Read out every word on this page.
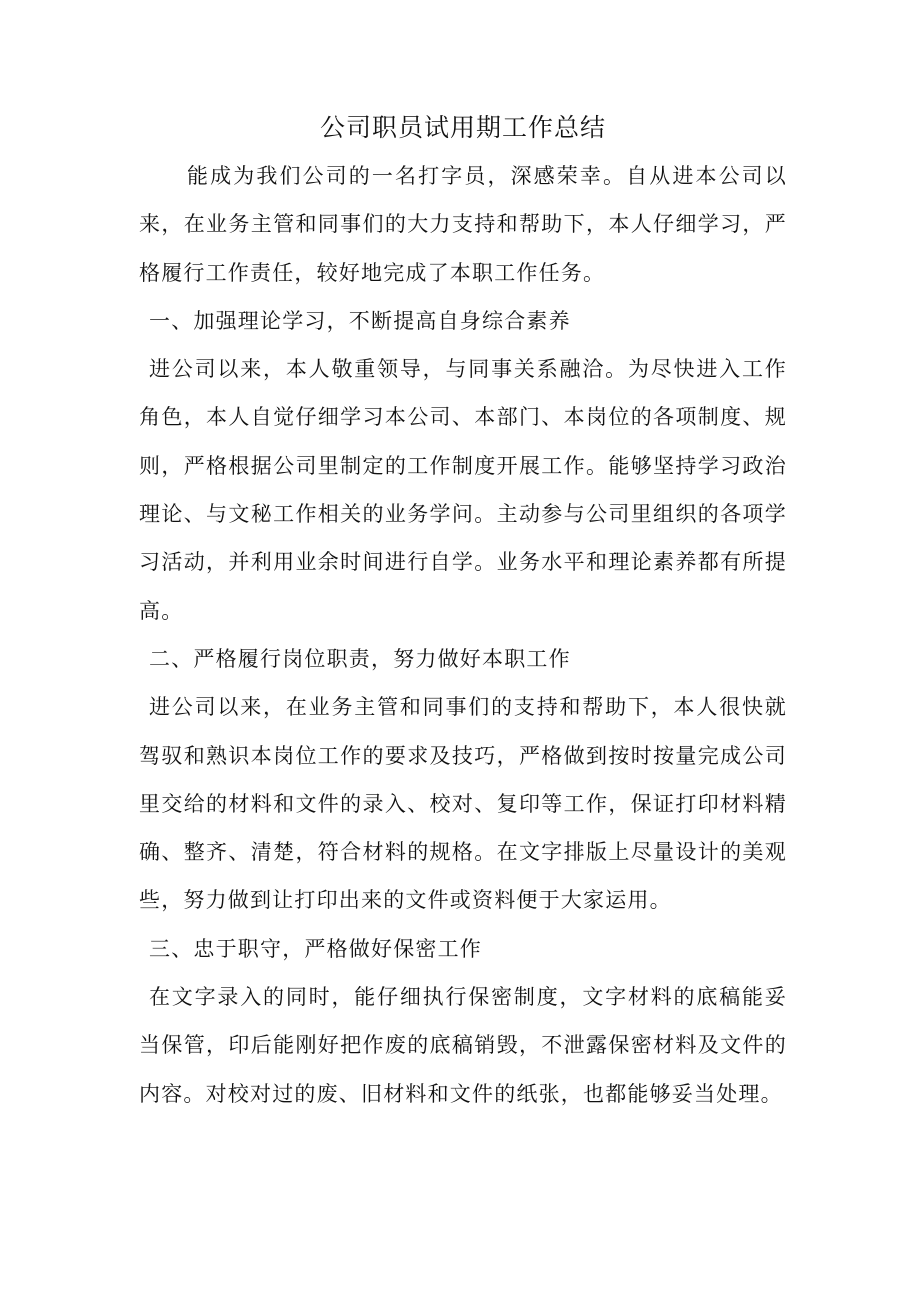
公司职员试用期工作总结

能成为我们公司的一名打字员，深感荣幸。自从进本公司以来，在业务主管和同事们的大力支持和帮助下，本人仔细学习，严格履行工作责任，较好地完成了本职工作任务。

一、加强理论学习，不断提高自身综合素养

进公司以来，本人敬重领导，与同事关系融洽。为尽快进入工作角色，本人自觉仔细学习本公司、本部门、本岗位的各项制度、规则，严格根据公司里制定的工作制度开展工作。能够坚持学习政治理论、与文秘工作相关的业务学问。主动参与公司里组织的各项学习活动，并利用业余时间进行自学。业务水平和理论素养都有所提高。

二、严格履行岗位职责，努力做好本职工作

进公司以来，在业务主管和同事们的支持和帮助下，本人很快就驾驭和熟识本岗位工作的要求及技巧，严格做到按时按量完成公司里交给的材料和文件的录入、校对、复印等工作，保证打印材料精确、整齐、清楚，符合材料的规格。在文字排版上尽量设计的美观些，努力做到让打印出来的文件或资料便于大家运用。

三、忠于职守，严格做好保密工作

在文字录入的同时，能仔细执行保密制度，文字材料的底稿能妥当保管，印后能刚好把作废的底稿销毁，不泄露保密材料及文件的内容。对校对过的废、旧材料和文件的纸张，也都能够妥当处理。
